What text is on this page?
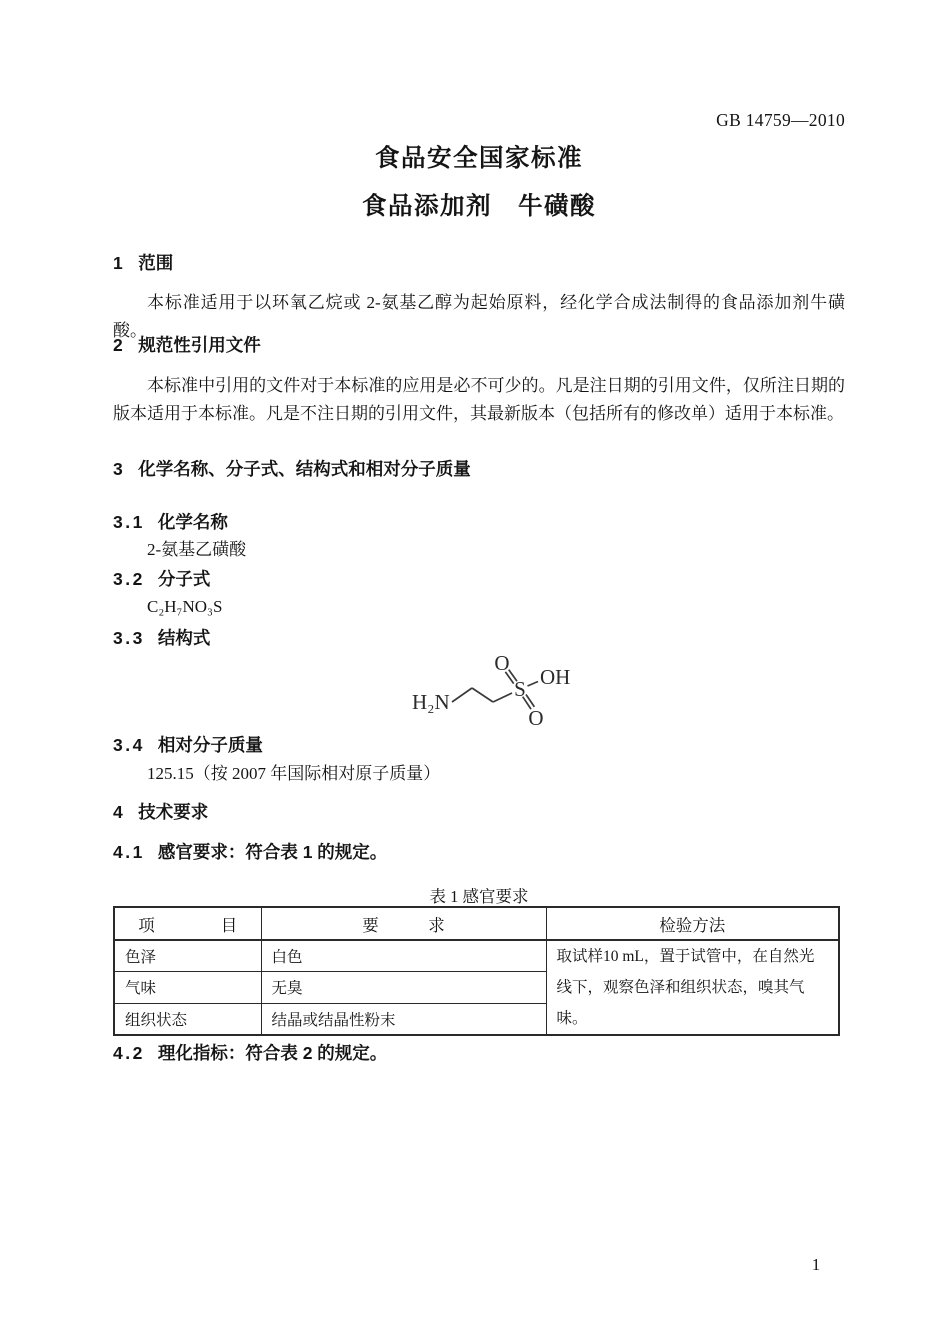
GB 14759—2010
食品安全国家标准
食品添加剂　牛磺酸
1 范围
本标准适用于以环氧乙烷或 2-氨基乙醇为起始原料，经化学合成法制得的食品添加剂牛磺酸。
2 规范性引用文件
本标准中引用的文件对于本标准的应用是必不可少的。凡是注日期的引用文件，仅所注日期的版本适用于本标准。凡是不注日期的引用文件，其最新版本（包括所有的修改单）适用于本标准。
3 化学名称、分子式、结构式和相对分子质量
3.1 化学名称
2-氨基乙磺酸
3.2 分子式
C₂H₇NO₃S
3.3 结构式
3.4 相对分子质量
125.15（按 2007 年国际相对原子质量）
4 技术要求
4.1 感官要求：符合表 1 的规定。
表 1 感官要求
项　　　　目	要　　　求	检验方法
色泽	白色	取试样10 mL，置于试管中，在自然光线下，观察色泽和组织状态，嗅其气味。
气味	无臭	
组织状态	结晶或结晶性粉末	
4.2 理化指标：符合表 2 的规定。
H₂N
S
O
O
OH
1
